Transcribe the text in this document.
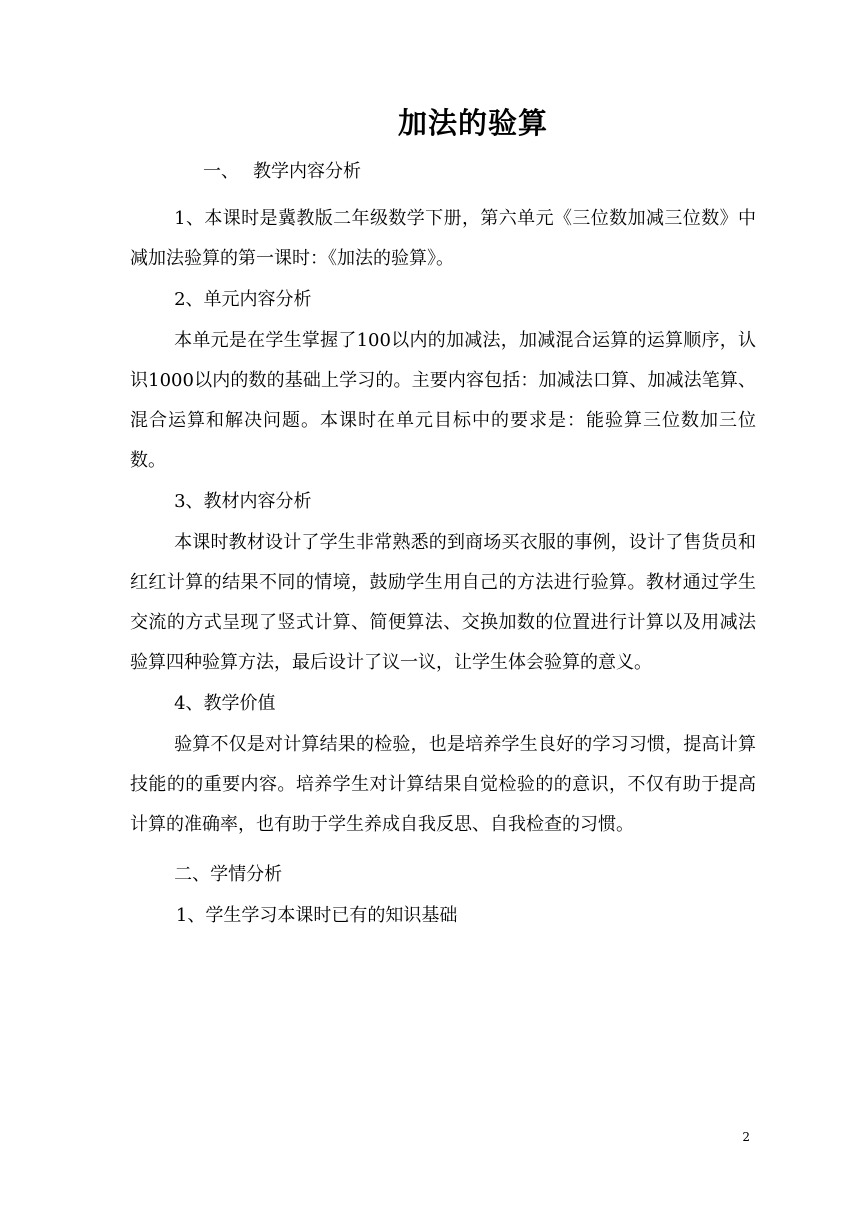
加法的验算
一、 教学内容分析

1、本课时是冀教版二年级数学下册，第六单元《三位数加减三位数》中减加法验算的第一课时：《加法的验算》。

2、单元内容分析

本单元是在学生掌握了100以内的加减法，加减混合运算的运算顺序，认识1000以内的数的基础上学习的。主要内容包括：加减法口算、加减法笔算、混合运算和解决问题。本课时在单元目标中的要求是：能验算三位数加三位数。

3、教材内容分析

本课时教材设计了学生非常熟悉的到商场买衣服的事例，设计了售货员和红红计算的结果不同的情境，鼓励学生用自己的方法进行验算。教材通过学生交流的方式呈现了竖式计算、简便算法、交换加数的位置进行计算以及用减法验算四种验算方法，最后设计了议一议，让学生体会验算的意义。

4、教学价值

验算不仅是对计算结果的检验，也是培养学生良好的学习习惯，提高计算技能的的重要内容。培养学生对计算结果自觉检验的的意识，不仅有助于提高计算的准确率，也有助于学生养成自我反思、自我检查的习惯。

二、学情分析

1、学生学习本课时已有的知识基础

2
